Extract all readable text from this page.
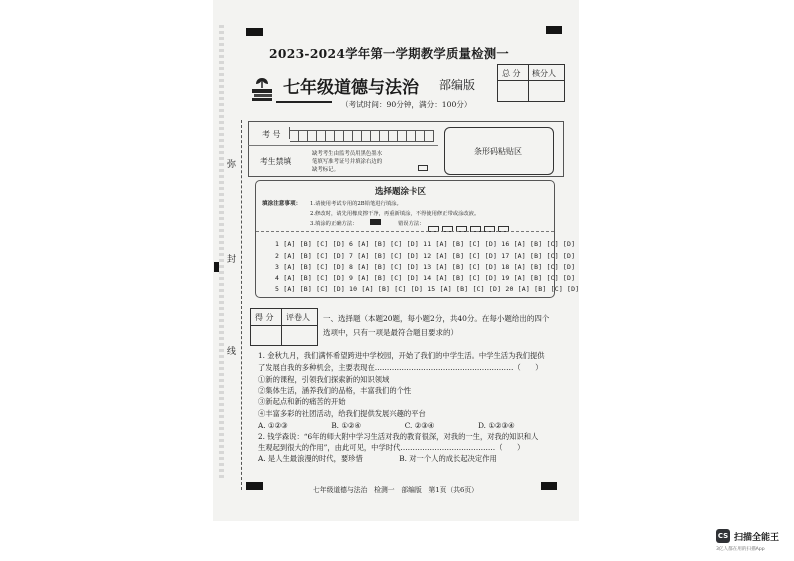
弥
封
线
2023-2024学年第一学期教学质量检测一
七年级道德与法治 部编版
（考试时间：90分钟，满分：100分）
总 分 核分人
考 号
考生禁填
缺考考生由监考员用黑色墨水
笔填写准考证号并填涂右边的
缺考标记。
条形码粘贴区
选择题涂卡区
填涂注意事项： 1.请使用考试专用的2B铅笔进行填涂。
2.修改时，请先用橡皮擦干净，再重新填涂，不得使用修正带或涂改液。
3.填涂的正确方法：	错误方法：
1 [A] [B] [C] [D] 6 [A] [B] [C] [D] 11 [A] [B] [C] [D] 16 [A] [B] [C] [D]
2 [A] [B] [C] [D] 7 [A] [B] [C] [D] 12 [A] [B] [C] [D] 17 [A] [B] [C] [D]
3 [A] [B] [C] [D] 8 [A] [B] [C] [D] 13 [A] [B] [C] [D] 18 [A] [B] [C] [D]
4 [A] [B] [C] [D] 9 [A] [B] [C] [D] 14 [A] [B] [C] [D] 19 [A] [B] [C] [D]
5 [A] [B] [C] [D] 10 [A] [B] [C] [D] 15 [A] [B] [C] [D] 20 [A] [B] [C] [D]
得 分 评卷人 一、选择题（本题20题，每小题2分，共40分。在每小题给出的四个
选项中，只有一项是最符合题目要求的）
1. 金秋九月，我们满怀希望跨进中学校园，开始了我们的中学生活。中学生活为我们提供
了发展自我的多种机会，主要表现在…………………………………………………（　　）
①新的课程，引领我们探索新的知识领域
②集体生活，涵养我们的品格，丰富我们的个性
③新起点和新的痛苦的开始
④丰富多彩的社团活动，给我们提供发展兴趣的平台
A. ①②③　　　　　　B. ①②④　　　　　　C. ②③④　　　　　　D. ①②③④
2. 钱学森说：“6年的师大附中学习生活对我的教育很深，对我的一生，对我的知识和人
生观起到很大的作用”，由此可见，中学时代…………………………………（　　）
A. 是人生最浪漫的时代，要珍惜　　　　　B. 对一个人的成长起决定作用
七年级道德与法治　检测一　部编版　第1页（共6页）
CS 扫描全能王
3亿人都在用的扫描App
